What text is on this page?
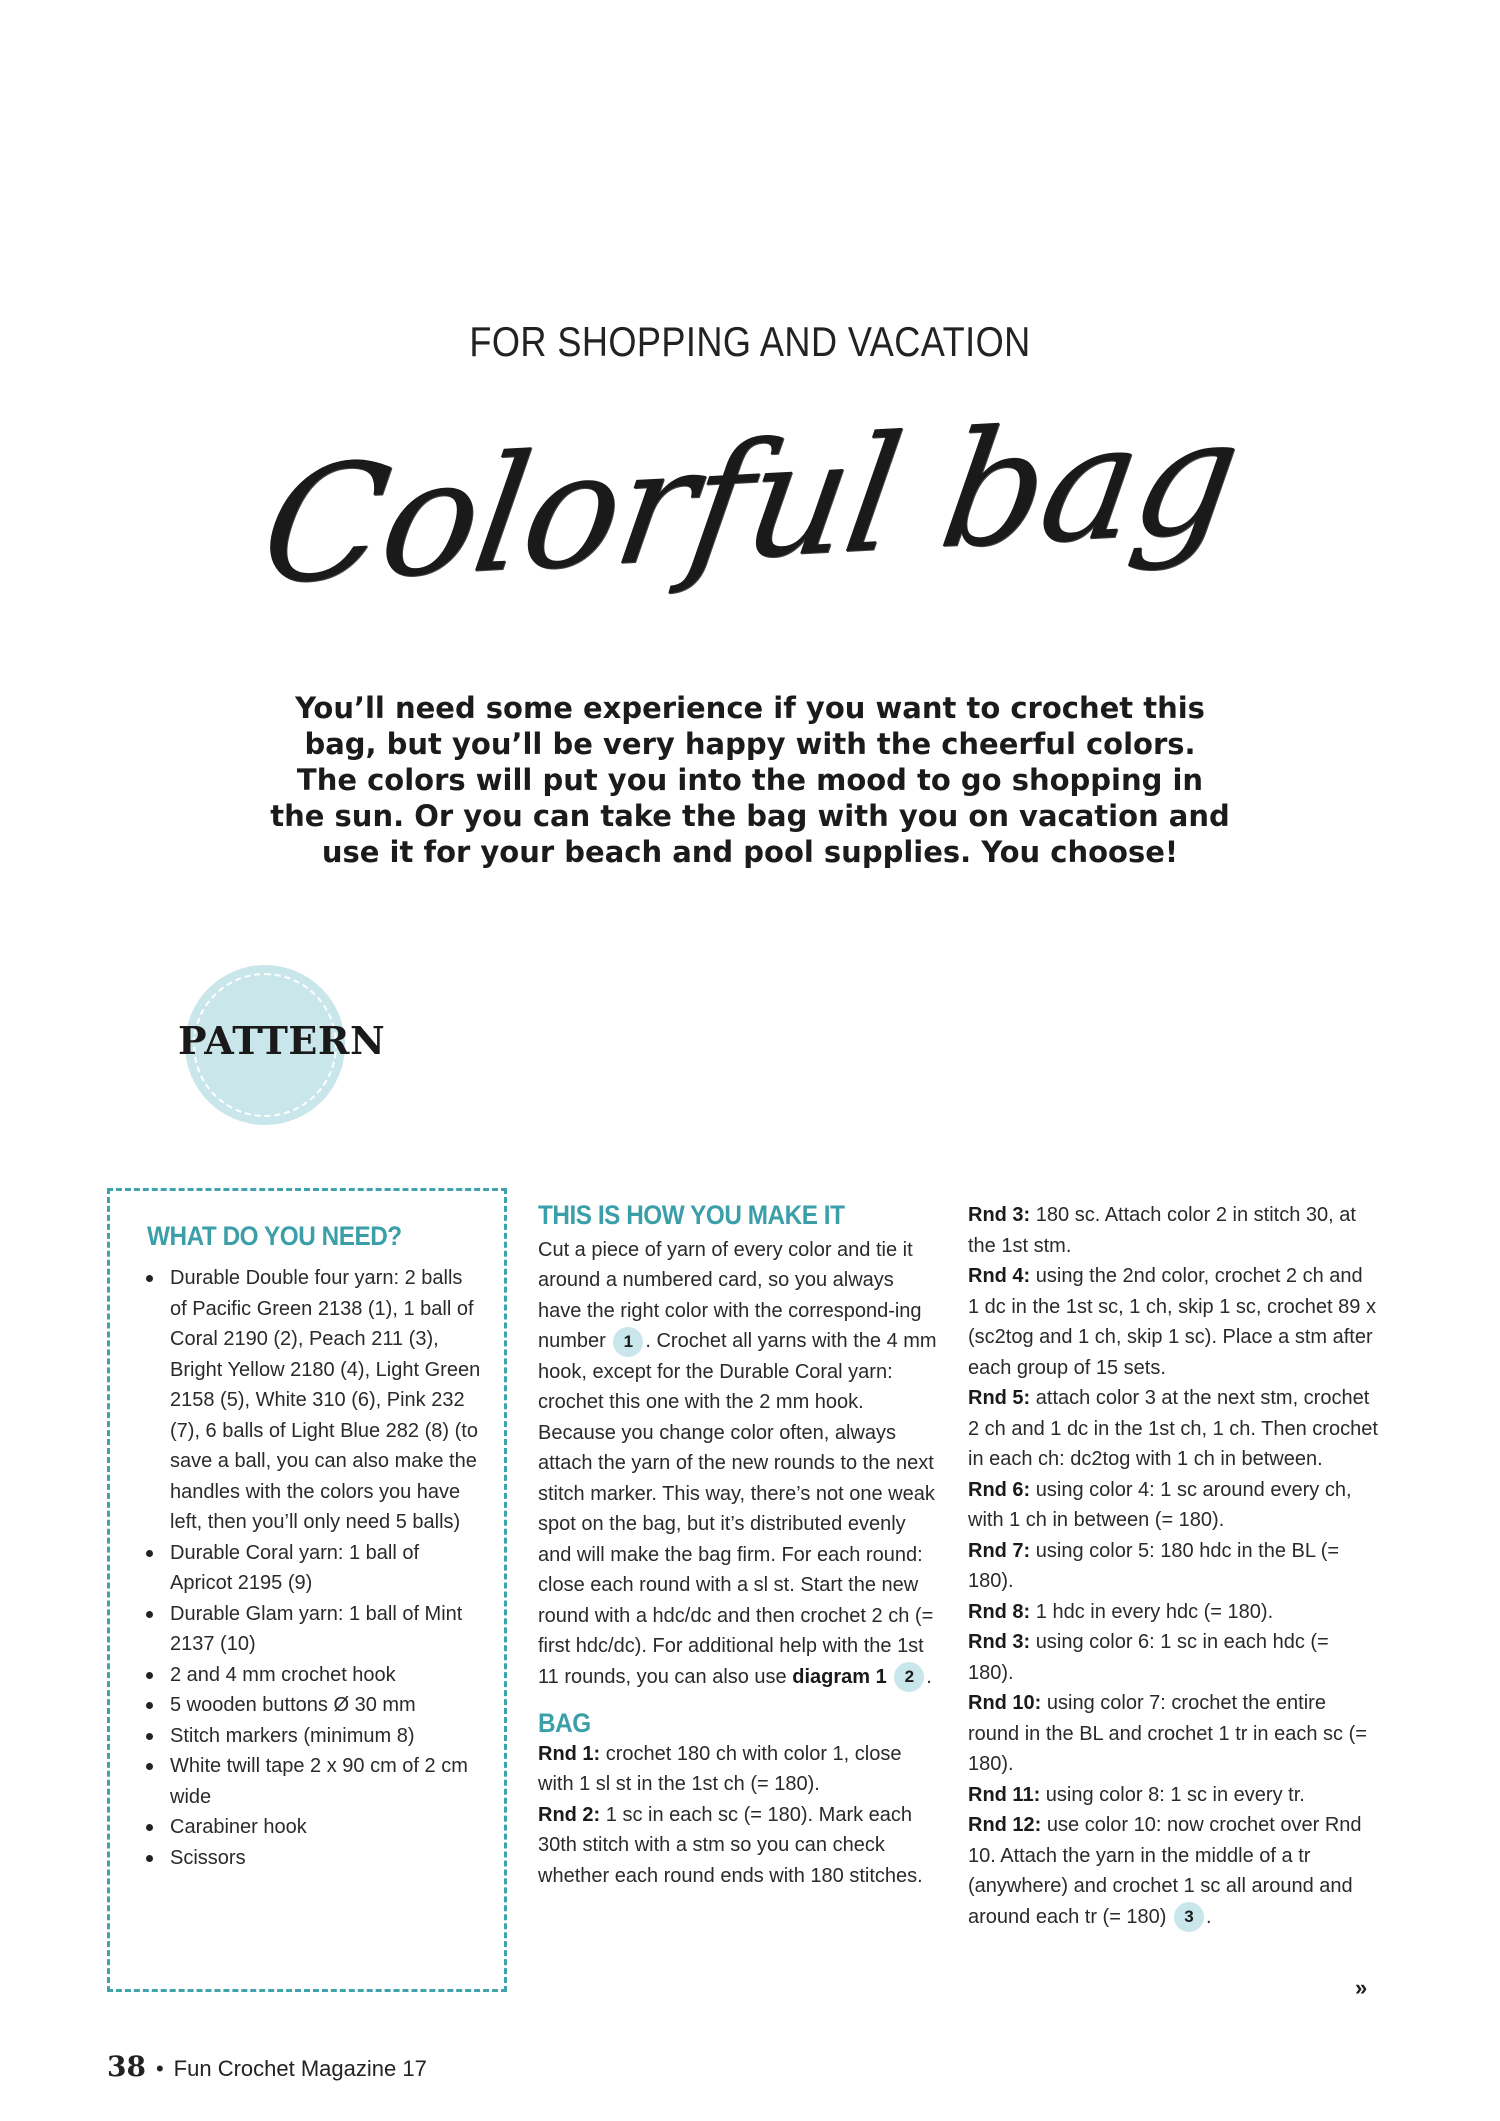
FOR SHOPPING AND VACATION
Colorful bag
You’ll need some experience if you want to crochet this bag, but you’ll be very happy with the cheerful colors. The colors will put you into the mood to go shopping in the sun. Or you can take the bag with you on vacation and use it for your beach and pool supplies. You choose!
PATTERN
WHAT DO YOU NEED?
Durable Double four yarn: 2 balls of Pacific Green 2138 (1), 1 ball of Coral 2190 (2), Peach 211 (3), Bright Yellow 2180 (4), Light Green 2158 (5), White 310 (6), Pink 232 (7), 6 balls of Light Blue 282 (8) (to save a ball, you can also make the handles with the colors you have left, then you’ll only need 5 balls)
Durable Coral yarn: 1 ball of Apricot 2195 (9)
Durable Glam yarn: 1 ball of Mint 2137 (10)
2 and 4 mm crochet hook
5 wooden buttons Ø 30 mm
Stitch markers (minimum 8)
White twill tape 2 x 90 cm of 2 cm wide
Carabiner hook
Scissors
THIS IS HOW YOU MAKE IT

Cut a piece of yarn of every color and tie it around a numbered card, so you always have the right color with the correspond-ing number 1 . Crochet all yarns with the 4 mm hook, except for the Durable Coral yarn: crochet this one with the 2 mm hook. Because you change color often, always attach the yarn of the new rounds to the next stitch marker. This way, there’s not one weak spot on the bag, but it’s distributed evenly and will make the bag firm. For each round: close each round with a sl st. Start the new round with a hdc/dc and then crochet 2 ch (= first hdc/dc). For additional help with the 1st 11 rounds, you can also use diagram 1 2 .

BAG

Rnd 1: crochet 180 ch with color 1, close with 1 sl st in the 1st ch (= 180).

Rnd 2: 1 sc in each sc (= 180). Mark each 30th stitch with a stm so you can check whether each round ends with 180 stitches.

Rnd 3: 180 sc. Attach color 2 in stitch 30, at the 1st stm.

Rnd 4: using the 2nd color, crochet 2 ch and 1 dc in the 1st sc, 1 ch, skip 1 sc, crochet 89 x (sc2tog and 1 ch, skip 1 sc). Place a stm after each group of 15 sets.

Rnd 5: attach color 3 at the next stm, crochet 2 ch and 1 dc in the 1st ch, 1 ch. Then crochet in each ch: dc2tog with 1 ch in between.

Rnd 6: using color 4: 1 sc around every ch, with 1 ch in between (= 180).

Rnd 7: using color 5: 180 hdc in the BL (= 180).

Rnd 8: 1 hdc in every hdc (= 180).

Rnd 3: using color 6: 1 sc in each hdc (= 180).

Rnd 10: using color 7: crochet the entire round in the BL and crochet 1 tr in each sc (= 180).

Rnd 11: using color 8: 1 sc in every tr.

Rnd 12: use color 10: now crochet over Rnd 10. Attach the yarn in the middle of a tr (anywhere) and crochet 1 sc all around and around each tr (= 180) 3 .

»
38 • Fun Crochet Magazine 17
